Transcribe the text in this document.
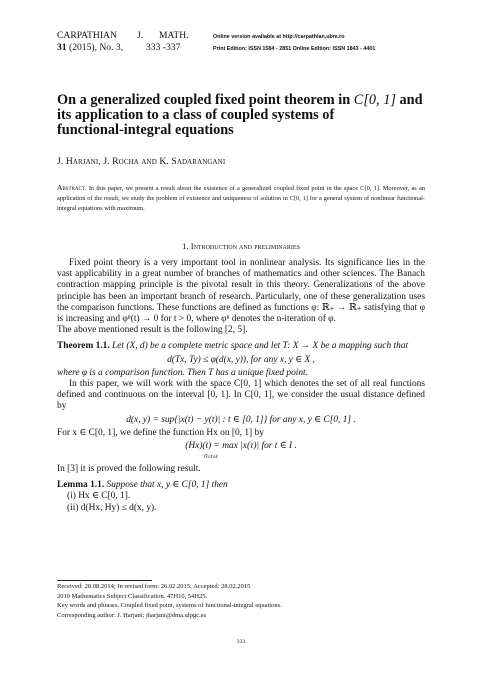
CARPATHIAN	J.	MATH.
31
(2015), No. 3,	333 -337
Online version available at http://carpathian.ubm.ro
Print Edition: ISSN 1584 - 2851 Online Edition: ISSN 1843 - 4401
On a generalized coupled fixed point theorem in C[0, 1] and
its application to a class of coupled systems of
functional-integral equations
J. Harjani, J. Rocha and K. Sadarangani
Abstract. In this paper, we present a result about the existence of a generalized coupled fixed point in the space C[0, 1]. Moreover, as an application of the result, we study the problem of existence and uniqueness of solution in C[0, 1] for a general system of nonlinear functional-integral equations with maximum.
1. Introduction and preliminaries

Fixed point theory is a very important tool in nonlinear analysis. Its significance lies in the vast applicability in a great number of branches of mathematics and other sciences. The Banach contraction mapping principle is the pivotal result in this theory. Generalizations of the above principle has been an important branch of research. Particularly, one of these generalization uses the comparison functions. These functions are defined as functions φ: ℝ₊ → ℝ₊ satisfying that φ is increasing and φⁿ(t) → 0 for t > 0, where φⁿ denotes the n-iteration of φ.

The above mentioned result is the following [2, 5].

Theorem 1.1. Let (X, d) be a complete metric space and let T: X → X be a mapping such that

d(Tx, Ty) ≤ φ(d(x, y)), for any x, y ∈ X ,

where φ is a comparison function. Then T has a unique fixed point.

In this paper, we will work with the space C[0, 1] which denotes the set of all real functions defined and continuous on the interval [0, 1]. In C[0, 1], we consider the usual distance defined by

d(x, y) = sup{|x(t) − y(t)| : t ∈ [0, 1]} for any x, y ∈ C[0, 1] .

For x ∈ C[0, 1], we define the function Hx on [0, 1] by

(Hx)(t) = max |x(τ)| for t ∈ I .
0≤τ≤t

In [3] it is proved the following result.

Lemma 1.1. Suppose that x, y ∈ C[0, 1] then

(i) Hx ∈ C[0, 1].
(ii) d(Hx, Hy) ≤ d(x, y).
Received: 28.08.2014; In revised form: 26.02.2015; Accepted: 28.02.2015
2010 Mathematics Subject Classification. 47H10, 54H25.
Key words and phrases. Coupled fixed point, systems of functional-integral equations.
Corresponding author: J. Harjani; jharjani@dma.ulpgc.es
333
